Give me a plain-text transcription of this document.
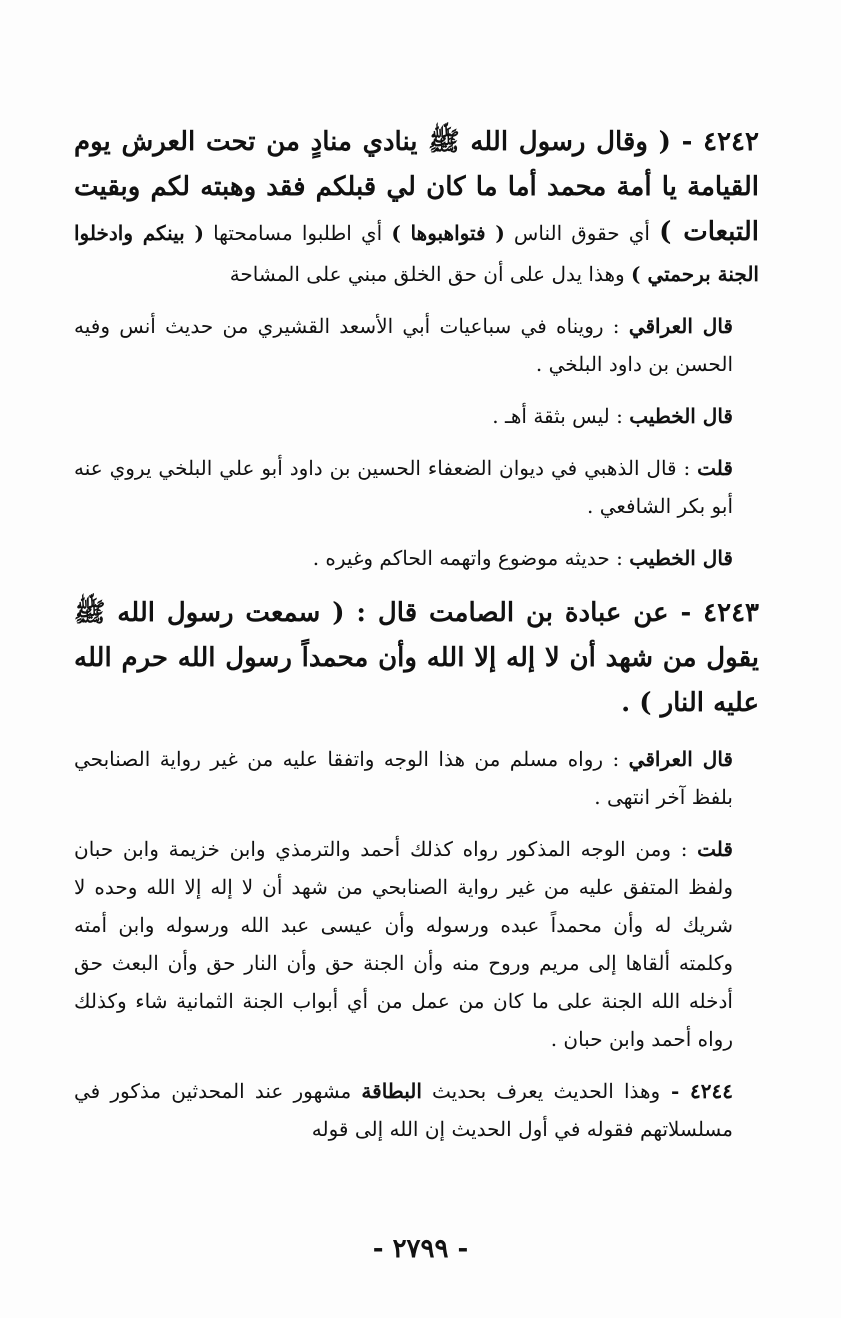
٤٢٤٢ - ( وقال رسول الله ﷺ ينادي منادٍ من تحت العرش يوم القيامة يا أمة محمد أما ما كان لي قبلكم فقد وهبته لكم وبقيت التبعات ) أي حقوق الناس ( فتواهبوها ) أي اطلبوا مسامحتها ( بينكم وادخلوا الجنة برحمتي ) وهذا يدل على أن حق الخلق مبني على المشاحة

قال العراقي : رويناه في سباعيات أبي الأسعد القشيري من حديث أنس وفيه الحسن بن داود البلخي .

قال الخطيب : ليس بثقة أهـ .

قلت : قال الذهبي في ديوان الضعفاء الحسين بن داود أبو علي البلخي يروي عنه أبو بكر الشافعي .

قال الخطيب : حديثه موضوع واتهمه الحاكم وغيره .

٤٢٤٣ - عن عبادة بن الصامت قال : ( سمعت رسول الله ﷺ يقول من شهد أن لا إله إلا الله وأن محمداً رسول الله حرم الله عليه النار ) .

قال العراقي : رواه مسلم من هذا الوجه واتفقا عليه من غير رواية الصنابحي بلفظ آخر انتهى .

قلت : ومن الوجه المذكور رواه كذلك أحمد والترمذي وابن خزيمة وابن حبان ولفظ المتفق عليه من غير رواية الصنابحي من شهد أن لا إله إلا الله وحده لا شريك له وأن محمداً عبده ورسوله وأن عيسى عبد الله ورسوله وابن أمته وكلمته ألقاها إلى مريم وروح منه وأن الجنة حق وأن النار حق وأن البعث حق أدخله الله الجنة على ما كان من عمل من أي أبواب الجنة الثمانية شاء وكذلك رواه أحمد وابن حبان .

٤٢٤٤ - وهذا الحديث يعرف بحديث البطاقة مشهور عند المحدثين مذكور في مسلسلاتهم فقوله في أول الحديث إن الله إلى قوله

- ٢٧٩٩ -
